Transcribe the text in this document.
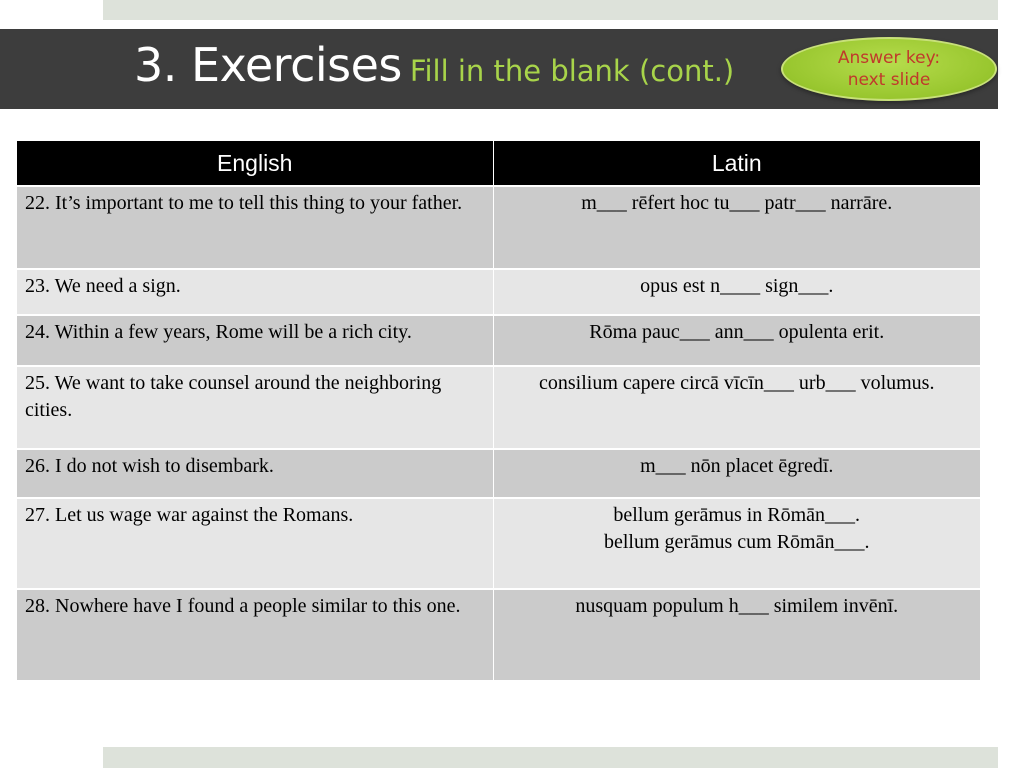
3. Exercises Fill in the blank (cont.)	Answer key:
next slide
English	Latin
22. It’s important to me to tell this thing to your father.	m___ rēfert hoc tu___ patr___ narrāre.

23. We need a sign.	opus est n____ sign___.

24. Within a few years, Rome will be a rich city.	Rōma pauc___ ann___ opulenta erit.

25. We want to take counsel around the neighboring cities.	consilium capere circā vīcīn___ urb___ volumus.

26. I do not wish to disembark.	m___ nōn placet ēgredī.

27. Let us wage war against the Romans.	bellum gerāmus in Rōmān___.
bellum gerāmus cum Rōmān___.

28. Nowhere have I found a people similar to this one.	nusquam populum h___ similem invēnī.
